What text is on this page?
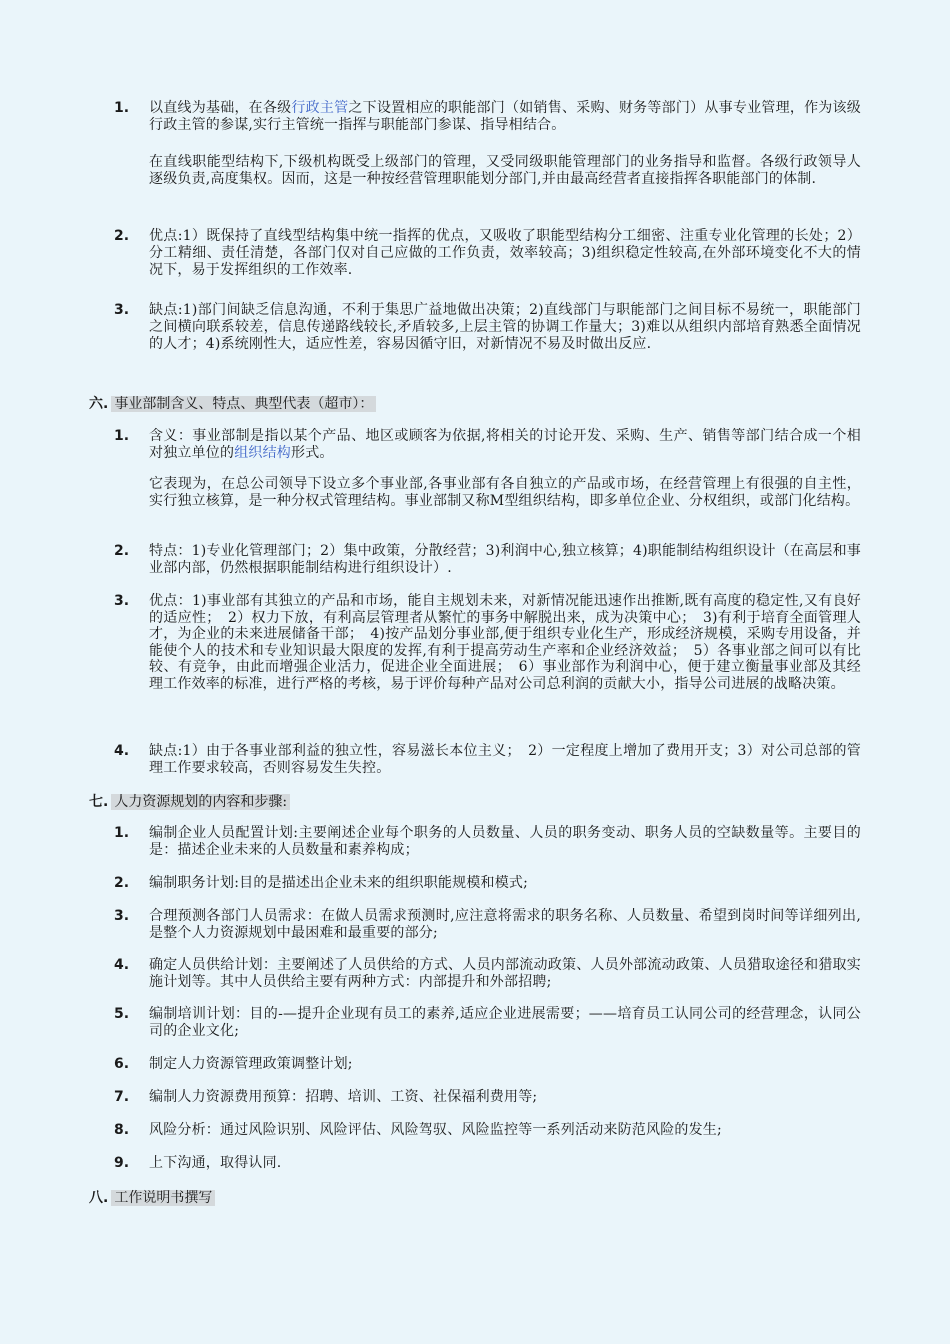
1. 以直线为基础，在各级行政主管之下设置相应的职能部门（如销售、采购、财务等部门）从事专业管理，作为该级行政主管的参谋,实行主管统一指挥与职能部门参谋、指导相结合。
在直线职能型结构下,下级机构既受上级部门的管理，又受同级职能管理部门的业务指导和监督。各级行政领导人逐级负责,高度集权。因而，这是一种按经营管理职能划分部门,并由最高经营者直接指挥各职能部门的体制.
2. 优点:1）既保持了直线型结构集中统一指挥的优点，又吸收了职能型结构分工细密、注重专业化管理的长处；2）分工精细、责任清楚，各部门仅对自己应做的工作负责，效率较高；3)组织稳定性较高,在外部环境变化不大的情况下，易于发挥组织的工作效率.
3. 缺点:1)部门间缺乏信息沟通，不利于集思广益地做出决策；2)直线部门与职能部门之间目标不易统一，职能部门之间横向联系较差，信息传递路线较长,矛盾较多,上层主管的协调工作量大；3)难以从组织内部培育熟悉全面情况的人才；4)系统刚性大，适应性差，容易因循守旧，对新情况不易及时做出反应.
六. 事业部制含义、特点、典型代表（超市）：
1. 含义：事业部制是指以某个产品、地区或顾客为依据,将相关的讨论开发、采购、生产、销售等部门结合成一个相对独立单位的组织结构形式。
它表现为，在总公司领导下设立多个事业部,各事业部有各自独立的产品或市场，在经营管理上有很强的自主性，实行独立核算，是一种分权式管理结构。事业部制又称M型组织结构，即多单位企业、分权组织，或部门化结构。
2. 特点：1)专业化管理部门；2）集中政策，分散经营；3)利润中心,独立核算；4)职能制结构组织设计（在高层和事业部内部，仍然根据职能制结构进行组织设计）.
3. 优点：1)事业部有其独立的产品和市场，能自主规划未来，对新情况能迅速作出推断,既有高度的稳定性,又有良好的适应性；　2）权力下放，有利高层管理者从繁忙的事务中解脱出来，成为决策中心；　3)有利于培育全面管理人才，为企业的未来进展储备干部；　4)按产品划分事业部,便于组织专业化生产，形成经济规模，采购专用设备，并能使个人的技术和专业知识最大限度的发挥,有利于提高劳动生产率和企业经济效益；　5）各事业部之间可以有比较、有竞争，由此而增强企业活力，促进企业全面进展；　6）事业部作为利润中心，便于建立衡量事业部及其经理工作效率的标准，进行严格的考核，易于评价每种产品对公司总利润的贡献大小，指导公司进展的战略决策。
4. 缺点:1）由于各事业部利益的独立性，容易滋长本位主义；　2）一定程度上增加了费用开支；3）对公司总部的管理工作要求较高，否则容易发生失控。
七. 人力资源规划的内容和步骤:
1. 编制企业人员配置计划:主要阐述企业每个职务的人员数量、人员的职务变动、职务人员的空缺数量等。主要目的是：描述企业未来的人员数量和素养构成；
2. 编制职务计划:目的是描述出企业未来的组织职能规模和模式;
3. 合理预测各部门人员需求：在做人员需求预测时,应注意将需求的职务名称、人员数量、希望到岗时间等详细列出,是整个人力资源规划中最困难和最重要的部分;
4. 确定人员供给计划：主要阐述了人员供给的方式、人员内部流动政策、人员外部流动政策、人员猎取途径和猎取实施计划等。其中人员供给主要有两种方式：内部提升和外部招聘;
5. 编制培训计划：目的-—提升企业现有员工的素养,适应企业进展需要；——培育员工认同公司的经营理念，认同公司的企业文化;
6. 制定人力资源管理政策调整计划;
7. 编制人力资源费用预算：招聘、培训、工资、社保福利费用等;
8. 风险分析：通过风险识别、风险评估、风险驾驭、风险监控等一系列活动来防范风险的发生;
9. 上下沟通，取得认同.
八. 工作说明书撰写
